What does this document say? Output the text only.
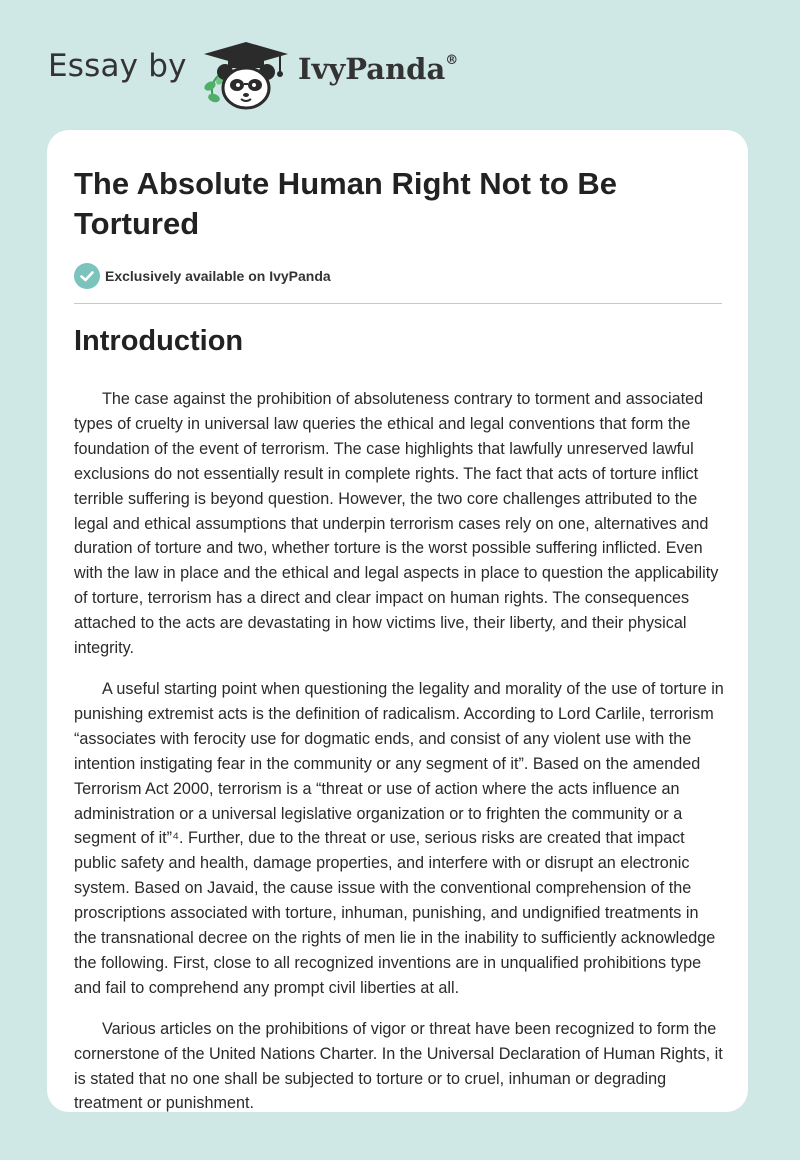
Essay by	IvyPanda®
The Absolute Human Right Not to Be Tortured
Exclusively available on IvyPanda
Introduction

The case against the prohibition of absoluteness contrary to torment and associated types of cruelty in universal law queries the ethical and legal conventions that form the foundation of the event of terrorism. The case highlights that lawfully unreserved lawful exclusions do not essentially result in complete rights. The fact that acts of torture inflict terrible suffering is beyond question. However, the two core challenges attributed to the legal and ethical assumptions that underpin terrorism cases rely on one, alternatives and duration of torture and two, whether torture is the worst possible suffering inflicted. Even with the law in place and the ethical and legal aspects in place to question the applicability of torture, terrorism has a direct and clear impact on human rights. The consequences attached to the acts are devastating in how victims live, their liberty, and their physical integrity.

A useful starting point when questioning the legality and morality of the use of torture in punishing extremist acts is the definition of radicalism. According to Lord Carlile, terrorism “associates with ferocity use for dogmatic ends, and consist of any violent use with the intention instigating fear in the community or any segment of it”. Based on the amended Terrorism Act 2000, terrorism is a “threat or use of action where the acts influence an administration or a universal legislative organization or to frighten the community or a segment of it”⁴. Further, due to the threat or use, serious risks are created that impact public safety and health, damage properties, and interfere with or disrupt an electronic system. Based on Javaid, the cause issue with the conventional comprehension of the proscriptions associated with torture, inhuman, punishing, and undignified treatments in the transnational decree on the rights of men lie in the inability to sufficiently acknowledge the following. First, close to all recognized inventions are in unqualified prohibitions type and fail to comprehend any prompt civil liberties at all.

Various articles on the prohibitions of vigor or threat have been recognized to form the cornerstone of the United Nations Charter. In the Universal Declaration of Human Rights, it is stated that no one shall be subjected to torture or to cruel, inhuman or degrading treatment or punishment.
